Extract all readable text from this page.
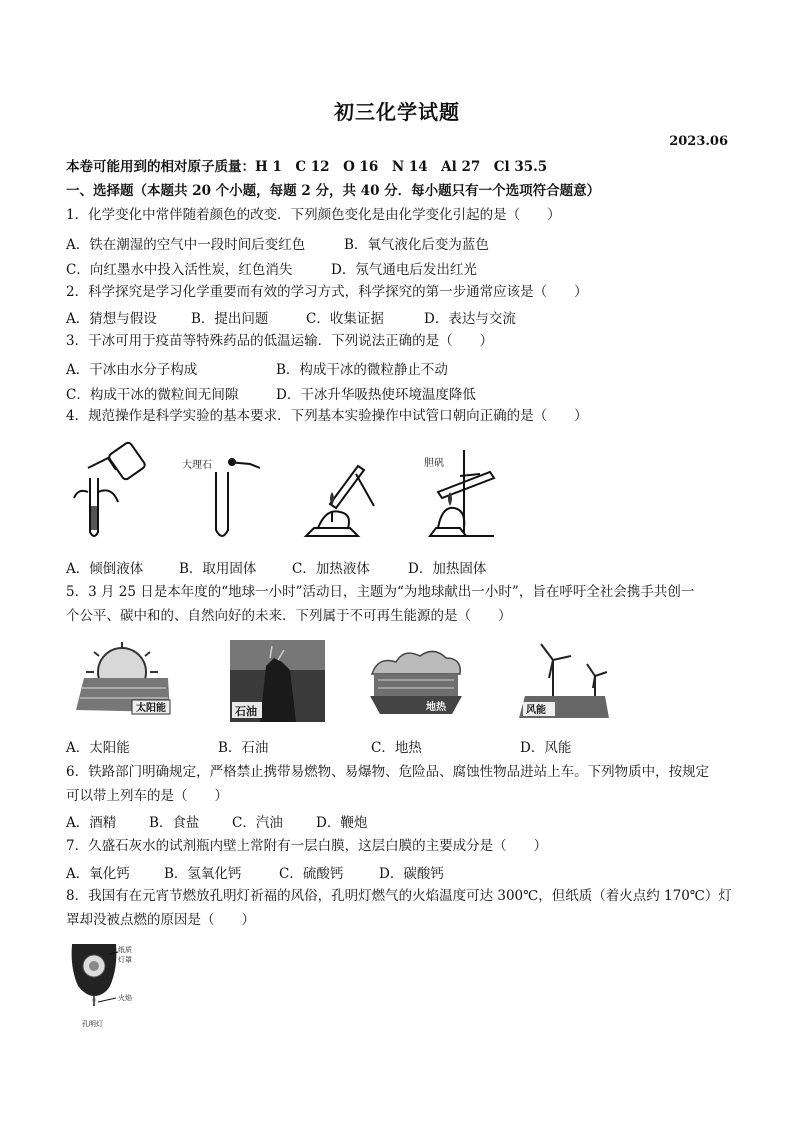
初三化学试题
2023.06
本卷可能用到的相对原子质量：H 1　C 12　O 16　N 14　Al 27　Cl 35.5
一、选择题（本题共 20 个小题，每题 2 分，共 40 分．每小题只有一个选项符合题意）
1．化学变化中常伴随着颜色的改变．下列颜色变化是由化学变化引起的是（　　）
A．铁在潮湿的空气中一段时间后变红色	B．氧气液化后变为蓝色
C．向红墨水中投入活性炭，红色消失	D．氖气通电后发出红光
2．科学探究是学习化学重要而有效的学习方式，科学探究的第一步通常应该是（　　）
A．猜想与假设	B．提出问题	C．收集证据	D．表达与交流
3．干冰可用于疫苗等特殊药品的低温运输．下列说法正确的是（　　）
A．干冰由水分子构成	B．构成干冰的微粒静止不动
C．构成干冰的微粒间无间隙	D．干冰升华吸热使环境温度降低
4．规范操作是科学实验的基本要求．下列基本实验操作中试管口朝向正确的是（　　）
大理石	胆矾
A．倾倒液体	B．取用固体	C．加热液体	D．加热固体
5．3 月 25 日是本年度的“地球一小时”活动日，主题为“为地球献出一小时”，旨在呼吁全社会携手共创一
个公平、碳中和的、自然向好的未来．下列属于不可再生能源的是（　　）
太阳能	石油	地热	风能
A．太阳能	B．石油	C．地热	D．风能
6．铁路部门明确规定，严格禁止携带易燃物、易爆物、危险品、腐蚀性物品进站上车。下列物质中，按规定
可以带上列车的是（　　）
A．酒精 B．食盐 C．汽油 D．鞭炮
7．久盛石灰水的试剂瓶内壁上常附有一层白膜，这层白膜的主要成分是（　　）
A．氧化钙	B．氢氧化钙	C．硫酸钙	D．碳酸钙
8．我国有在元宵节燃放孔明灯祈福的风俗，孔明灯燃气的火焰温度可达 300℃，但纸质（着火点约 170℃）灯
罩却没被点燃的原因是（　　）
纸质
灯罩
火焰
孔明灯
